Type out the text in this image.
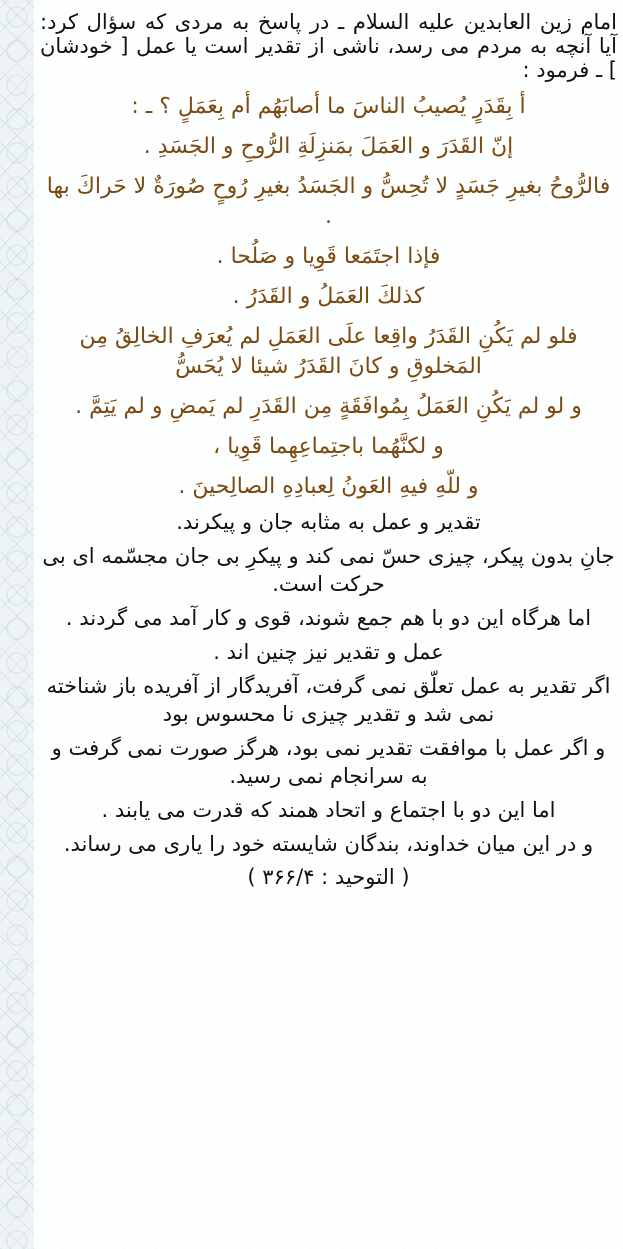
امام زین العابدین علیه السلام ـ در پاسخ به مردی که سؤال کرد: آیا آنچه به مردم می رسد، ناشی از تقدیر است یا عمل [ خودشان ] ـ فرمود :

أ بِقَدَرٍ يُصيبُ الناسَ ما أصابَهُم أم بِعَمَلٍ ؟ ـ :

إنّ القَدَرَ و العَمَلَ بمَنزِلَةِ الرُّوحِ و الجَسَدِ .

فالرُّوحُ بغيرِ جَسَدٍ لا تُحِسُّ و الجَسَدُ بغيرِ رُوحٍ صُورَةٌ لا حَراكَ بها .

فإذا اجتَمَعا قَوِيا و صَلُحا .

كذلكَ العَمَلُ و القَدَرُ .

فلو لم يَكُنِ القَدَرُ واقِعا علَى العَمَلِ لم يُعرَفِ الخالِقُ مِن المَخلوقِ و كانَ القَدَرُ شيئا لا يُحَسُّ

و لو لم يَكُنِ العَمَلُ بِمُوافَقَةٍ مِن القَدَرِ لم يَمضِ و لم يَتِمَّ .

و لكنَّهُما باجتِماعِهِما قَوِيا ،

و للّهِ فيهِ العَونُ لِعبادِهِ الصالِحينَ .

تقدیر و عمل به مثابه جان و پیکرند.

جانِ بدون پیکر، چیزی حسّ نمی کند و پیکرِ بی جان مجسّمه ای بی حرکت است.

اما هرگاه این دو با هم جمع شوند، قوی و کار آمد می گردند .

عمل و تقدیر نیز چنین اند .

اگر تقدیر به عمل تعلّق نمی گرفت، آفریدگار از آفریده باز شناخته نمی شد و تقدیر چیزی نا محسوس بود

و اگر عمل با موافقت تقدیر نمی بود، هرگز صورت نمی گرفت و به سرانجام نمی رسید.

اما این دو با اجتماع و اتحاد همند که قدرت می یابند .

و در این میان خداوند، بندگان شایسته خود را یاری می رساند.

( التوحید : ۳۶۶/۴ )
